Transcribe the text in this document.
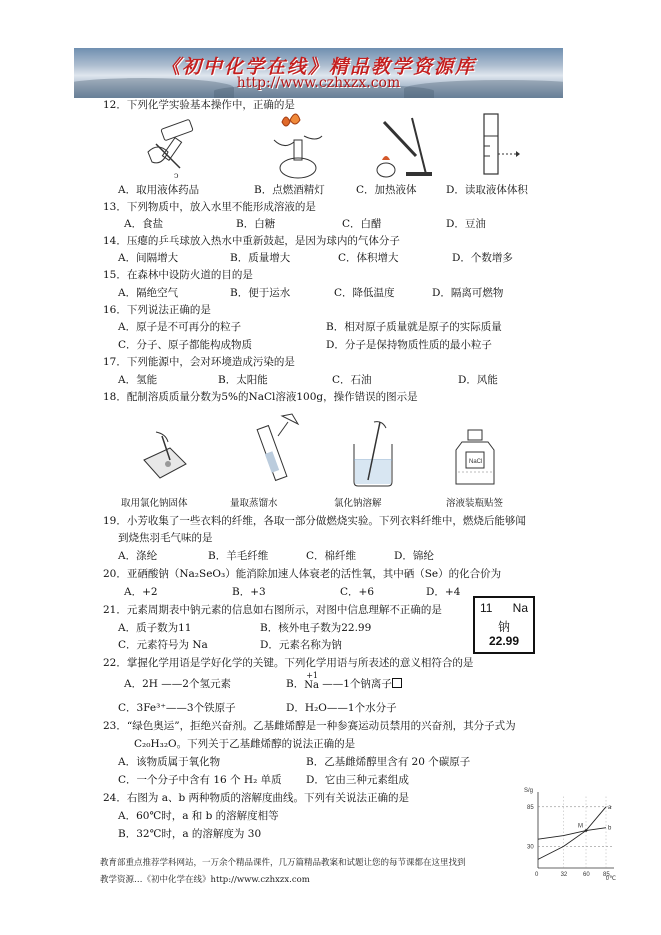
《初中化学在线》精品教学资源库
http://www.czhxzx.com
12．下列化学实验基本操作中，正确的是
ↄ
A．取用液体药品	B．点燃酒精灯	C．加热液体	D．读取液体体积
13．下列物质中，放入水里不能形成溶液的是
A．食盐	B．白糖	C．白醋	D．豆油
14．压瘪的乒乓球放入热水中重新鼓起，是因为球内的气体分子
A．间隔增大	B．质量增大	C．体积增大	D．个数增多
15．在森林中设防火道的目的是
A．隔绝空气	B．便于运水	C．降低温度	D．隔离可燃物
16．下列说法正确的是
A．原子是不可再分的粒子	B．相对原子质量就是原子的实际质量
C．分子、原子都能构成物质	D．分子是保持物质性质的最小粒子
17．下列能源中，会对环境造成污染的是
A．氢能	B．太阳能	C．石油	D．风能
18．配制溶质质量分数为5%的NaCl溶液100g，操作错误的图示是
NaCl
取用氯化钠固体	量取蒸馏水	氯化钠溶解	溶液装瓶贴签
19．小芳收集了一些衣料的纤维，各取一部分做燃烧实验。下列衣料纤维中，燃烧后能够闻
到烧焦羽毛气味的是
A．涤纶	B．羊毛纤维	C．棉纤维	D．锦纶
20．亚硒酸钠（Na₂SeO₃）能消除加速人体衰老的活性氧，其中硒（Se）的化合价为
A．+2	B．+3	C．+6	D．+4
21．元素周期表中钠元素的信息如右图所示，对图中信息理解不正确的是
A．质子数为11	B．核外电子数为22.99
C．元素符号为 Na	D．元素名称为钠
11 Na
钠
22.99
22．掌握化学用语是学好化学的关键。下列化学用语与所表述的意义相符合的是
A．2H ——2个氢元素	B．
+1
Na ——1个钠离子
C．3Fe³⁺——3个铁原子	D．H₂O——1个水分子
23．“绿色奥运”，拒绝兴奋剂。乙基雌烯醇是一种参赛运动员禁用的兴奋剂，其分子式为
C₂₀H₃₂O。下列关于乙基雌烯醇的说法正确的是
A．该物质属于氧化物	B．乙基雌烯醇里含有 20 个碳原子
C．一个分子中含有 16 个 H₂ 单质 D．它由三种元素组成
24．右图为 a、b 两种物质的溶解度曲线。下列有关说法正确的是
A．60℃时，a 和 b 的溶解度相等
B．32℃时，a 的溶解度为 30
S/g
t/℃
0	32	60 85
30
85	a
b
M
教育部重点推荐学科网站，一万余个精品课件，几万篇精品教案和试题让您的每节课都在这里找到
教学资源…《初中化学在线》http://www.czhxzx.com
